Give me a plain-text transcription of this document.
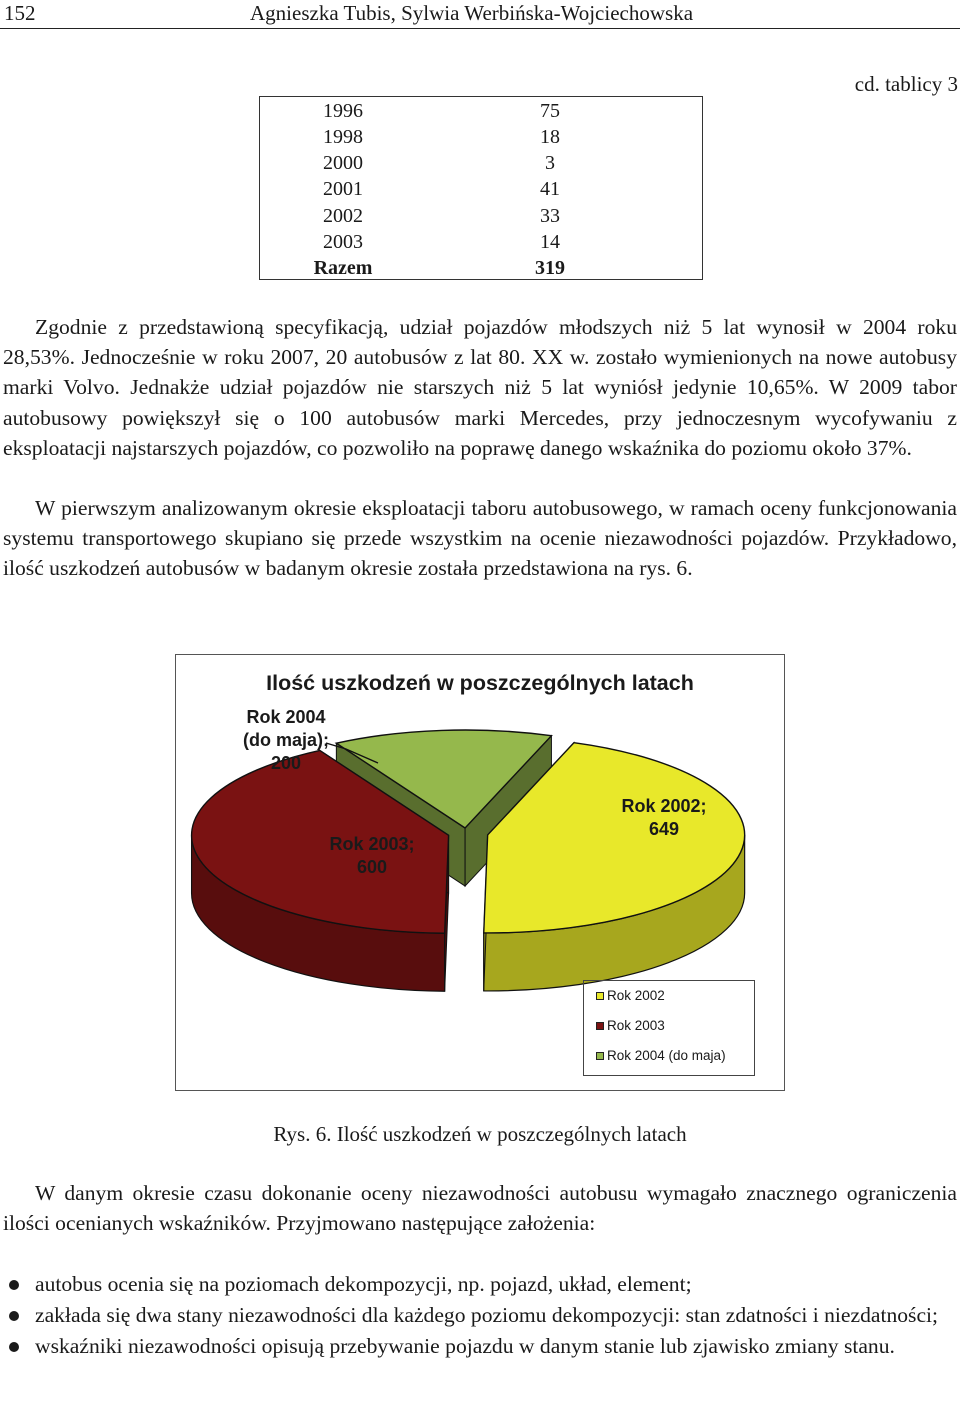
152	Agnieszka Tubis, Sylwia Werbińska-Wojciechowska
cd. tablicy 3
1996	75
1998	18
2000	3
2001	41
2002	33
2003	14
Razem	319

Zgodnie z przedstawioną specyfikacją, udział pojazdów młodszych niż 5 lat wynosił w 2004 roku 28,53%. Jednocześnie w roku 2007, 20 autobusów z lat 80. XX w. zostało wymienionych na nowe autobusy marki Volvo. Jednakże udział pojazdów nie starszych niż 5 lat wyniósł jedynie 10,65%. W 2009 tabor autobusowy powiększył się o 100 autobusów marki Mercedes, przy jednoczesnym wycofywaniu z eksploatacji najstarszych pojazdów, co pozwoliło na poprawę danego wskaźnika do poziomu około 37%.

W pierwszym analizowanym okresie eksploatacji taboru autobusowego, w ramach oceny funkcjonowania systemu transportowego skupiano się przede wszystkim na ocenie niezawodności pojazdów. Przykładowo, ilość uszkodzeń autobusów w badanym okresie została przedstawiona na rys. 6.

Ilość uszkodzeń w poszczególnych latach
Rok 2004
(do maja);
200
Rok 2003;
600
Rok 2002;
649
Rok 2002
Rok 2003
Rok 2004 (do maja)
Rys. 6. Ilość uszkodzeń w poszczególnych latach

W danym okresie czasu dokonanie oceny niezawodności autobusu wymagało znacznego ograniczenia ilości ocenianych wskaźników. Przyjmowano następujące założenia:

autobus ocenia się na poziomach dekompozycji, np. pojazd, układ, element;
zakłada się dwa stany niezawodności dla każdego poziomu dekompozycji: stan zdatności i niezdatności;
wskaźniki niezawodności opisują przebywanie pojazdu w danym stanie lub zjawisko zmiany stanu.
